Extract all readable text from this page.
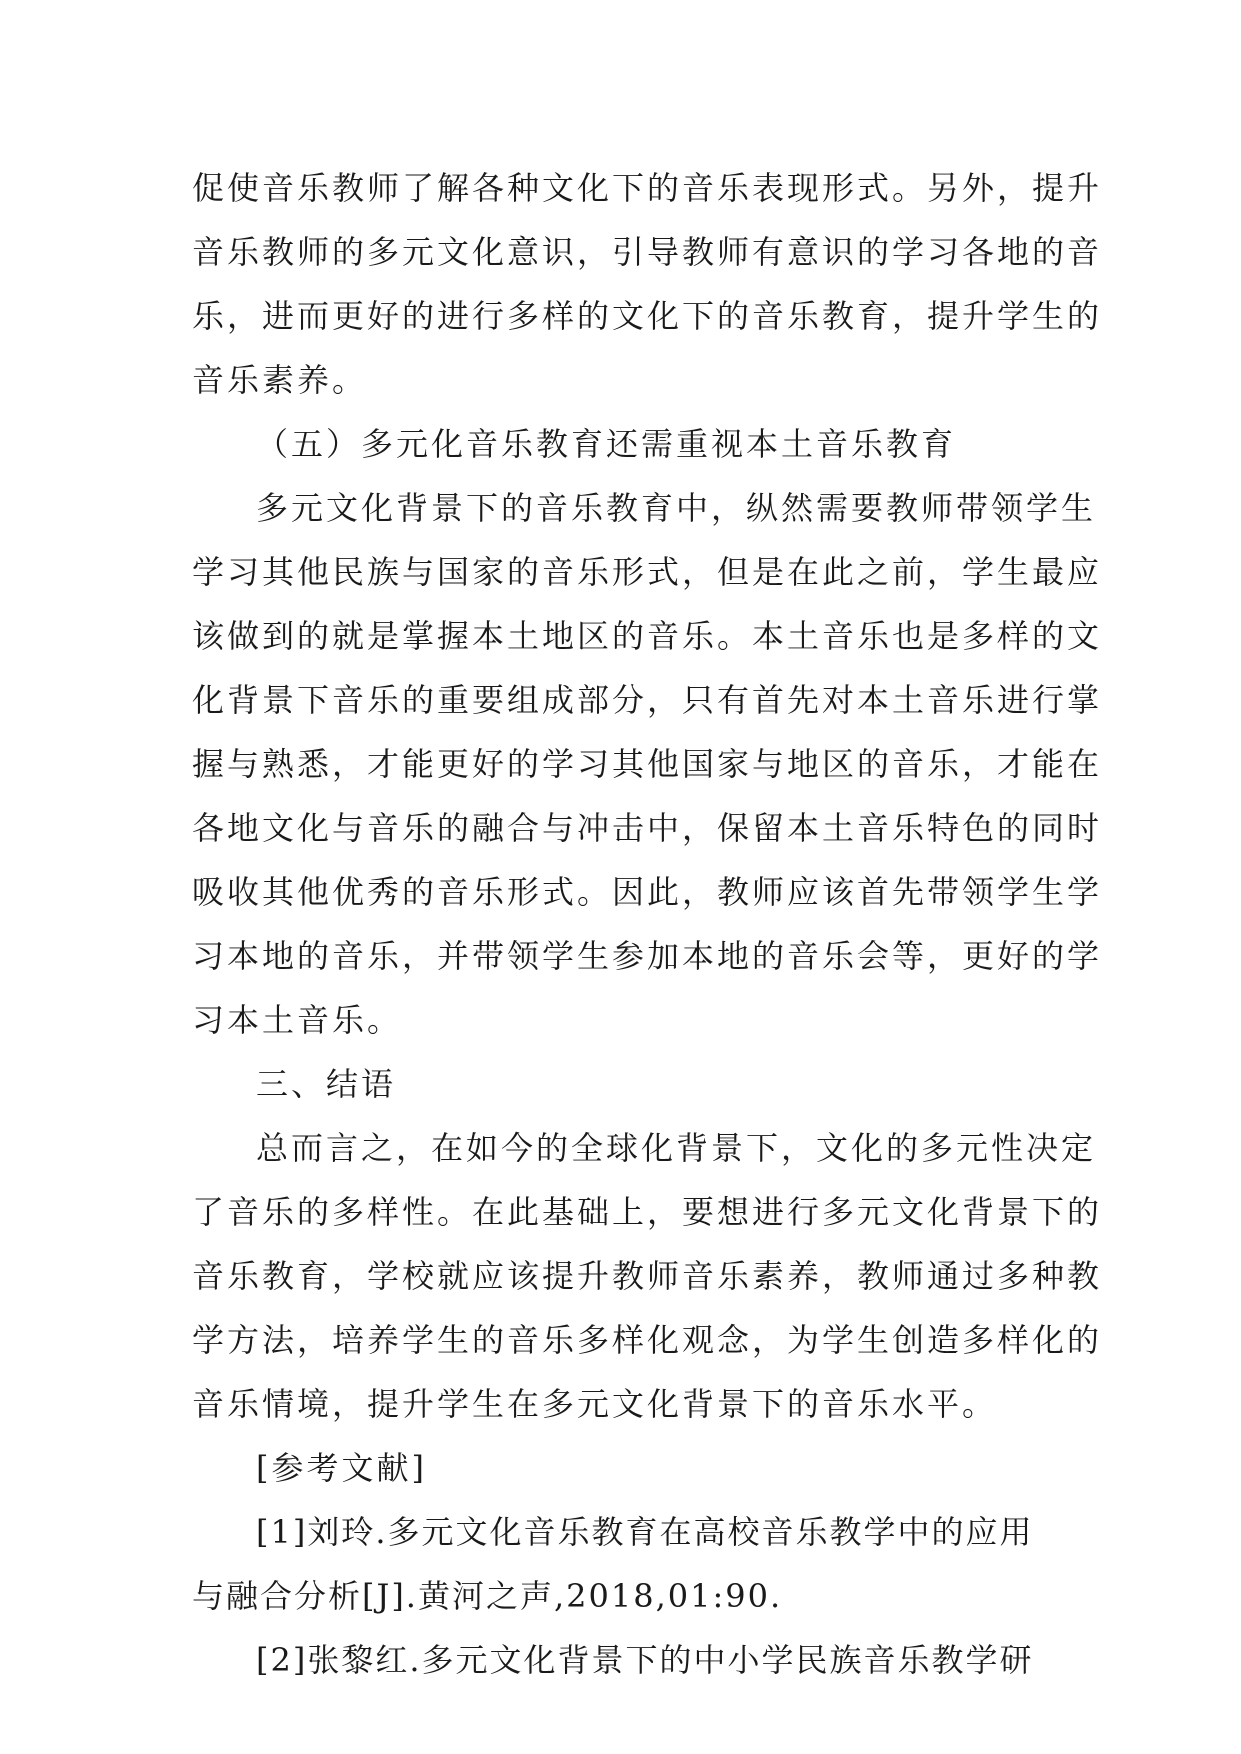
促使音乐教师了解各种文化下的音乐表现形式。另外，提升
音乐教师的多元文化意识，引导教师有意识的学习各地的音
乐，进而更好的进行多样的文化下的音乐教育，提升学生的
音乐素养。
（五）多元化音乐教育还需重视本土音乐教育
多元文化背景下的音乐教育中，纵然需要教师带领学生
学习其他民族与国家的音乐形式，但是在此之前，学生最应
该做到的就是掌握本土地区的音乐。本土音乐也是多样的文
化背景下音乐的重要组成部分，只有首先对本土音乐进行掌
握与熟悉，才能更好的学习其他国家与地区的音乐，才能在
各地文化与音乐的融合与冲击中，保留本土音乐特色的同时
吸收其他优秀的音乐形式。因此，教师应该首先带领学生学
习本地的音乐，并带领学生参加本地的音乐会等，更好的学
习本土音乐。
三、结语
总而言之，在如今的全球化背景下，文化的多元性决定
了音乐的多样性。在此基础上，要想进行多元文化背景下的
音乐教育，学校就应该提升教师音乐素养，教师通过多种教
学方法，培养学生的音乐多样化观念，为学生创造多样化的
音乐情境，提升学生在多元文化背景下的音乐水平。
[参考文献]
[1]刘玲.多元文化音乐教育在高校音乐教学中的应用
与融合分析[J].黄河之声,2018,01:90.
[2]张黎红.多元文化背景下的中小学民族音乐教学研
